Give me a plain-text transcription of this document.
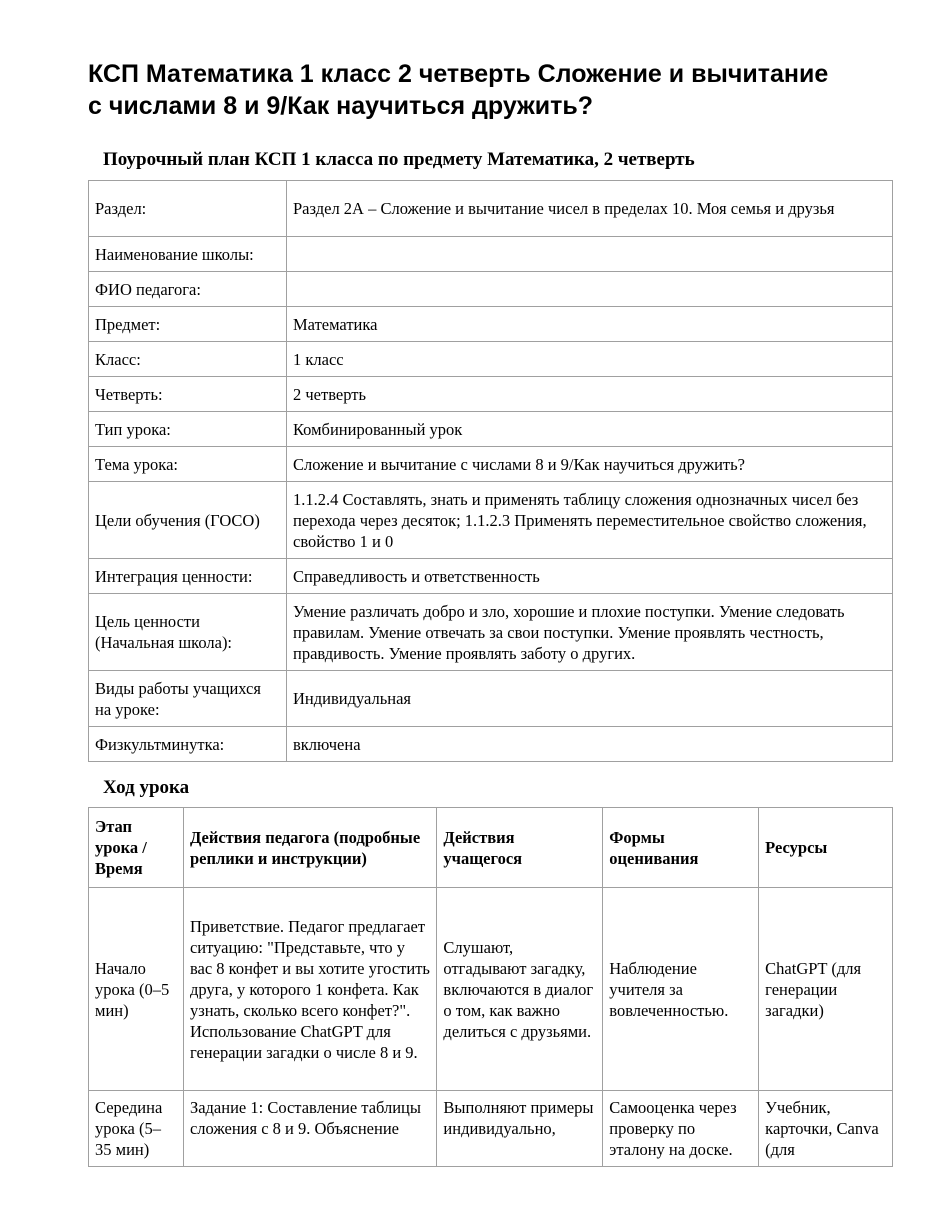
КСП Математика 1 класс 2 четверть Сложение и вычитание с числами 8 и 9/Как научиться дружить?
Поурочный план КСП 1 класса по предмету Математика, 2 четверть
Раздел:	Раздел 2А – Сложение и вычитание чисел в пределах 10. Моя семья и друзья
Наименование школы:	
ФИО педагога:	
Предмет:	Математика
Класс:	1 класс
Четверть:	2 четверть
Тип урока:	Комбинированный урок
Тема урока:	Сложение и вычитание с числами 8 и 9/Как научиться дружить?
Цели обучения (ГОСО)	1.1.2.4 Составлять, знать и применять таблицу сложения однозначных чисел без перехода через десяток; 1.1.2.3 Применять переместительное свойство сложения, свойство 1 и 0
Интеграция ценности:	Справедливость и ответственность
Цель ценности (Начальная школа):	Умение различать добро и зло, хорошие и плохие поступки. Умение следовать правилам. Умение отвечать за свои поступки. Умение проявлять честность, правдивость. Умение проявлять заботу о других.
Виды работы учащихся на уроке:	Индивидуальная
Физкультминутка:	включена
Ход урока
Этап урока / Время	Действия педагога (подробные реплики и инструкции)	Действия учащегося	Формы оценивания	Ресурсы
Начало урока (0–5 мин)	Приветствие. Педагог предлагает ситуацию: "Представьте, что у вас 8 конфет и вы хотите угостить друга, у которого 1 конфета. Как узнать, сколько всего конфет?". Использование ChatGPT для генерации загадки о числе 8 и 9.	Слушают, отгадывают загадку, включаются в диалог о том, как важно делиться с друзьями.	Наблюдение учителя за вовлеченностью.	ChatGPT (для генерации загадки)
Середина урока (5–35 мин)	Задание 1: Составление таблицы сложения с 8 и 9. Объяснение	Выполняют примеры индивидуально,	Самооценка через проверку по эталону на доске.	Учебник, карточки, Canva (для
